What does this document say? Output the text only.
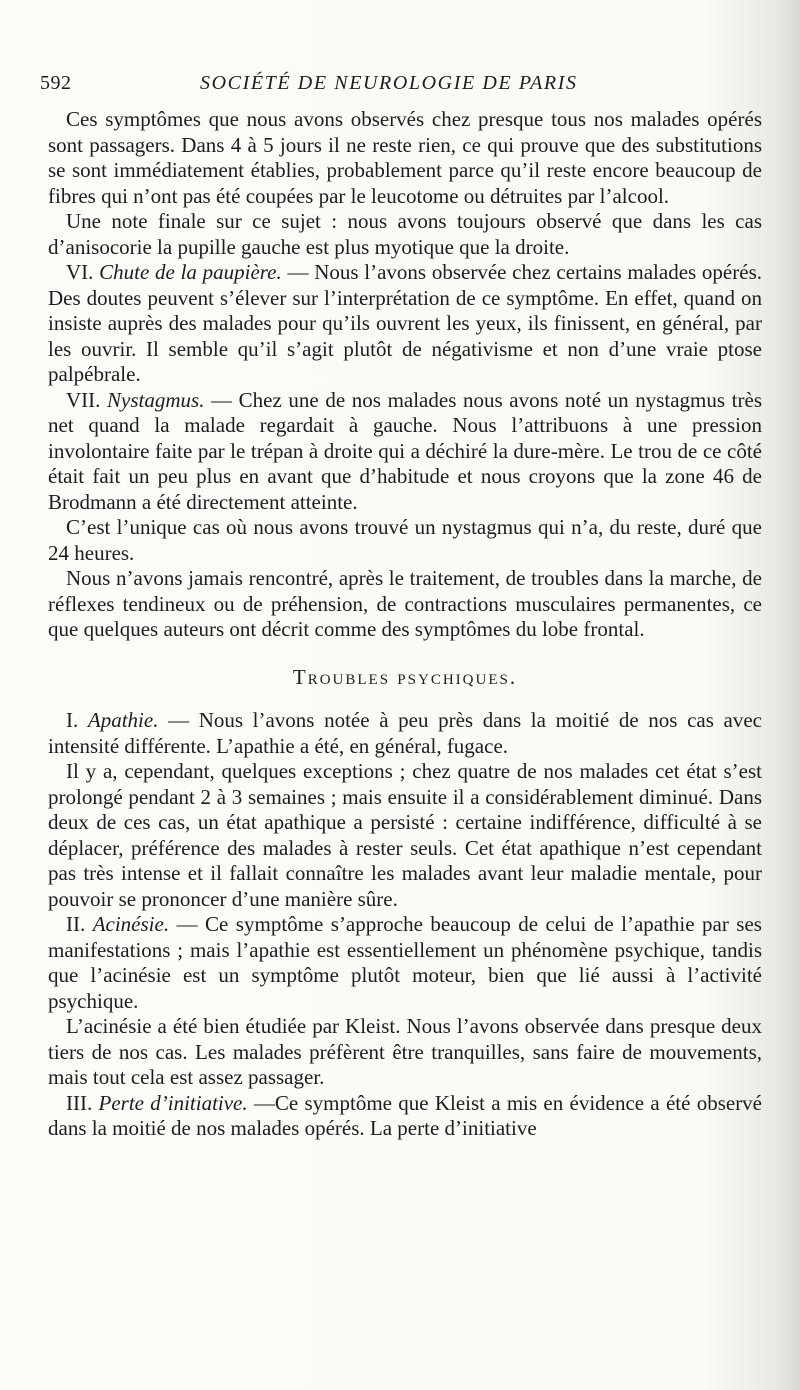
592	SOCIÉTÉ DE NEUROLOGIE DE PARIS

Ces symptômes que nous avons observés chez presque tous nos malades opérés sont passagers. Dans 4 à 5 jours il ne reste rien, ce qui prouve que des substitutions se sont immédiatement établies, probablement parce qu’il reste encore beaucoup de fibres qui n’ont pas été coupées par le leucotome ou détruites par l’alcool.

Une note finale sur ce sujet : nous avons toujours observé que dans les cas d’anisocorie la pupille gauche est plus myotique que la droite.

VI. Chute de la paupière. — Nous l’avons observée chez certains malades opérés. Des doutes peuvent s’élever sur l’interprétation de ce symptôme. En effet, quand on insiste auprès des malades pour qu’ils ouvrent les yeux, ils finissent, en général, par les ouvrir. Il semble qu’il s’agit plutôt de négativisme et non d’une vraie ptose palpébrale.

VII. Nystagmus. — Chez une de nos malades nous avons noté un nystagmus très net quand la malade regardait à gauche. Nous l’attribuons à une pression involontaire faite par le trépan à droite qui a déchiré la dure-mère. Le trou de ce côté était fait un peu plus en avant que d’habitude et nous croyons que la zone 46 de Brodmann a été directement atteinte.

C’est l’unique cas où nous avons trouvé un nystagmus qui n’a, du reste, duré que 24 heures.

Nous n’avons jamais rencontré, après le traitement, de troubles dans la marche, de réflexes tendineux ou de préhension, de contractions musculaires permanentes, ce que quelques auteurs ont décrit comme des symptômes du lobe frontal.

Troubles psychiques.

I. Apathie. — Nous l’avons notée à peu près dans la moitié de nos cas avec intensité différente. L’apathie a été, en général, fugace.

Il y a, cependant, quelques exceptions ; chez quatre de nos malades cet état s’est prolongé pendant 2 à 3 semaines ; mais ensuite il a considérablement diminué. Dans deux de ces cas, un état apathique a persisté : certaine indifférence, difficulté à se déplacer, préférence des malades à rester seuls. Cet état apathique n’est cependant pas très intense et il fallait connaître les malades avant leur maladie mentale, pour pouvoir se prononcer d’une manière sûre.

II. Acinésie. — Ce symptôme s’approche beaucoup de celui de l’apathie par ses manifestations ; mais l’apathie est essentiellement un phénomène psychique, tandis que l’acinésie est un symptôme plutôt moteur, bien que lié aussi à l’activité psychique.

L’acinésie a été bien étudiée par Kleist. Nous l’avons observée dans presque deux tiers de nos cas. Les malades préfèrent être tranquilles, sans faire de mouvements, mais tout cela est assez passager.

III. Perte d’initiative. —Ce symptôme que Kleist a mis en évidence a été observé dans la moitié de nos malades opérés. La perte d’initiative
